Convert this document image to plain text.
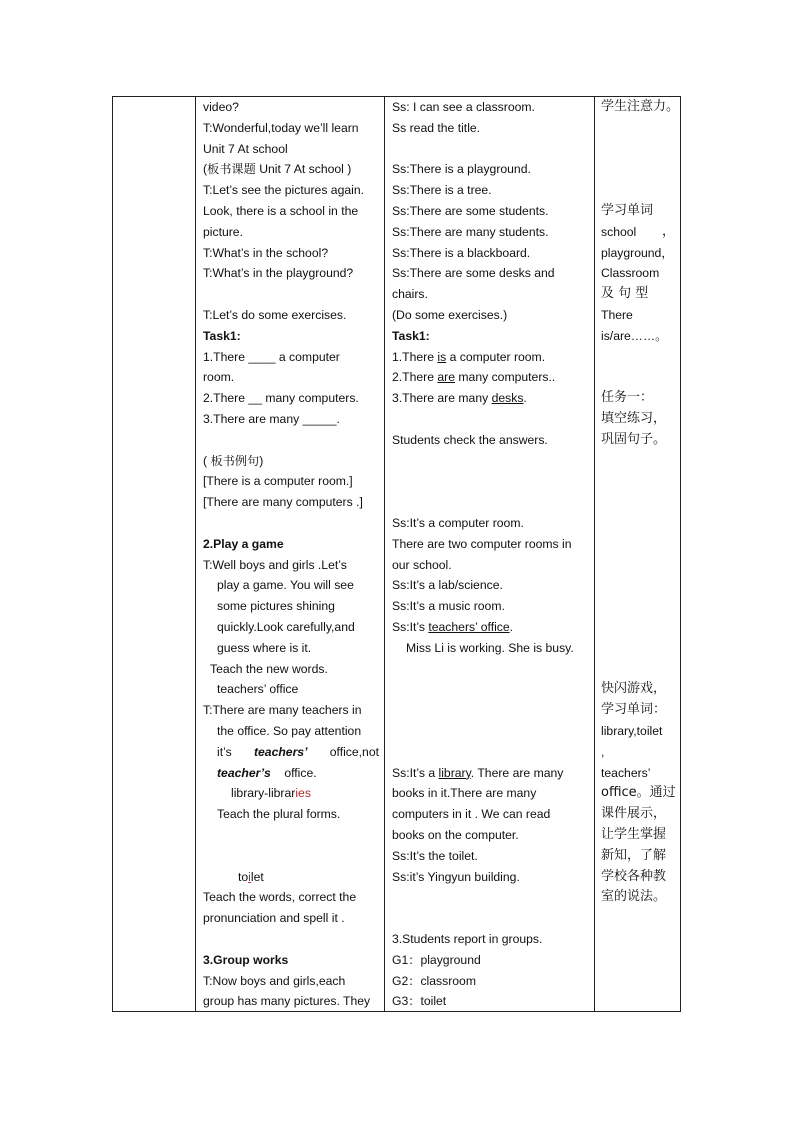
video?
T:Wonderful,today we’ll learn
Unit 7 At school
(板书课题 Unit 7 At school )
T:Let’s see the pictures again.
Look, there is a school in the
picture.
T:What’s in the school?
T:What’s in the playground?
T:Let’s do some exercises.
Task1:
1.There ____ a computer
room.
2.There __ many computers.
3.There are many _____.
( 板书例句)
[There is a computer room.]
[There are many computers .]
2.Play a game
T:Well boys and girls .Let’s
play a game. You will see
some pictures shining
quickly.Look carefully,and
guess where is it.
Teach the new words.
teachers’ office
T:There are many teachers in
the office. So pay attention
it’s teachers’ office,not
teacher’s office.
library-libraries
Teach the plural forms.
toilet
Teach the words, correct the
pronunciation and spell it .
3.Group works
T:Now boys and girls,each
group has many pictures. They
Ss: I can see a classroom.
Ss read the title.
Ss:There is a playground.
Ss:There is a tree.
Ss:There are some students.
Ss:There are many students.
Ss:There is a blackboard.
Ss:There are some desks and
chairs.
(Do some exercises.)
Task1:
1.There is a computer room.
2.There are many computers..
3.There are many desks.
Students check the answers.
Ss:It’s a computer room.
There are two computer rooms in
our school.
Ss:It’s a lab/science.
Ss:It’s a music room.
Ss:It’s teachers’ office.
Miss Li is working. She is busy.
Ss:It’s a library. There are many
books in it.There are many
computers in it . We can read
books on the computer.
Ss:It’s the toilet.
Ss:it’s Yingyun building.
3.Students report in groups.
G1：playground
G2：classroom
G3：toilet
学生注意力。
学习单词
school ，
playground，
Classroom
及 句 型
There
is/are……。
任务一：
填空练习，
巩固句子。
快闪游戏，
学习单词：
library,toilet
,
teachers’
office。通过
课件展示，
让学生掌握
新知，了解
学校各种教
室的说法。
